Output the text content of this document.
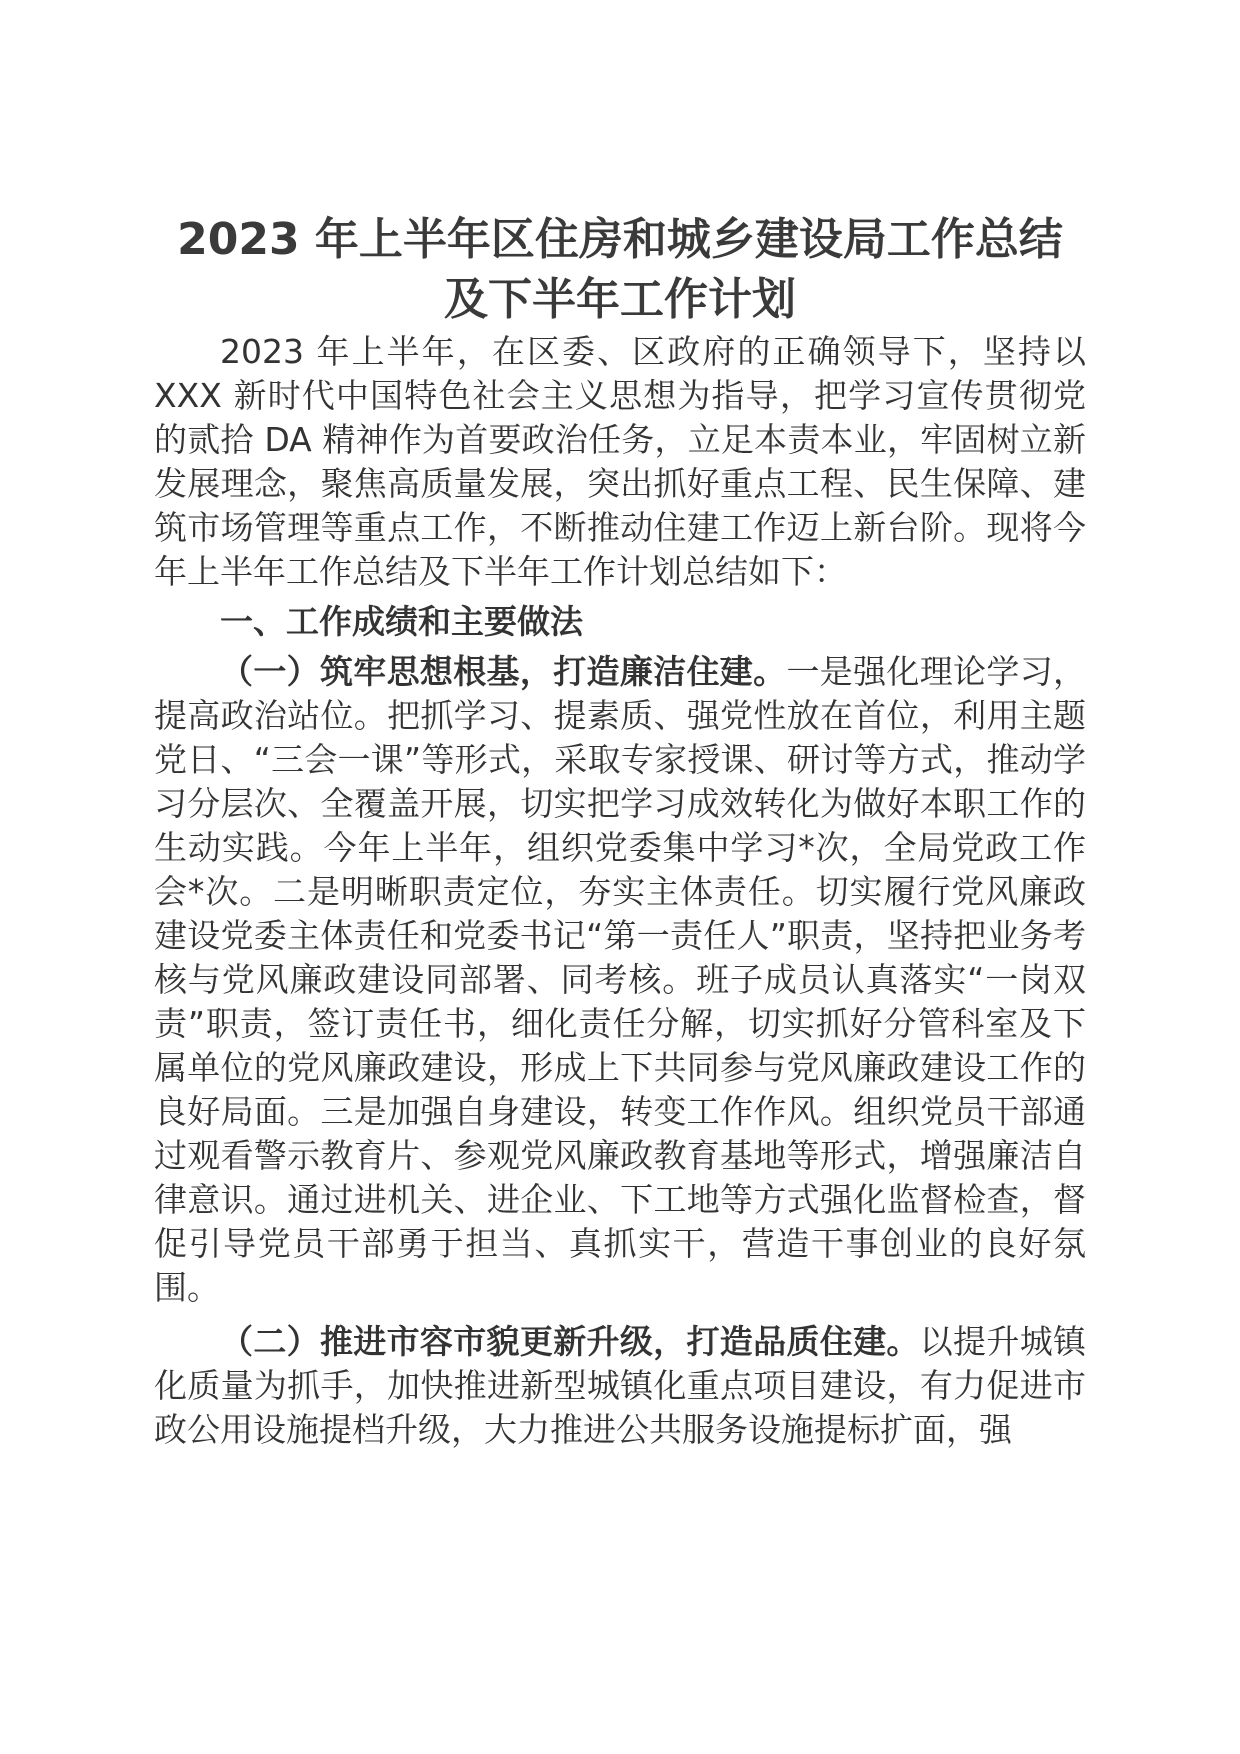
2023 年上半年区住房和城乡建设局工作总结
及下半年工作计划

2023 年上半年，在区委、区政府的正确领导下，坚持以 XXX 新时代中国特色社会主义思想为指导，把学习宣传贯彻党的贰拾 DA 精神作为首要政治任务，立足本责本业，牢固树立新发展理念，聚焦高质量发展，突出抓好重点工程、民生保障、建筑市场管理等重点工作，不断推动住建工作迈上新台阶。现将今年上半年工作总结及下半年工作计划总结如下：

一、工作成绩和主要做法

（一）筑牢思想根基，打造廉洁住建。一是强化理论学习，提高政治站位。把抓学习、提素质、强党性放在首位，利用主题党日、“三会一课”等形式，采取专家授课、研讨等方式，推动学习分层次、全覆盖开展，切实把学习成效转化为做好本职工作的生动实践。今年上半年，组织党委集中学习*次，全局党政工作会*次。二是明晰职责定位，夯实主体责任。切实履行党风廉政建设党委主体责任和党委书记“第一责任人”职责，坚持把业务考核与党风廉政建设同部署、同考核。班子成员认真落实“一岗双责”职责，签订责任书，细化责任分解，切实抓好分管科室及下属单位的党风廉政建设，形成上下共同参与党风廉政建设工作的良好局面。三是加强自身建设，转变工作作风。组织党员干部通过观看警示教育片、参观党风廉政教育基地等形式，增强廉洁自律意识。通过进机关、进企业、下工地等方式强化监督检查，督促引导党员干部勇于担当、真抓实干，营造干事创业的良好氛围。

（二）推进市容市貌更新升级，打造品质住建。以提升城镇化质量为抓手，加快推进新型城镇化重点项目建设，有力促进市政公用设施提档升级，大力推进公共服务设施提标扩面，强
